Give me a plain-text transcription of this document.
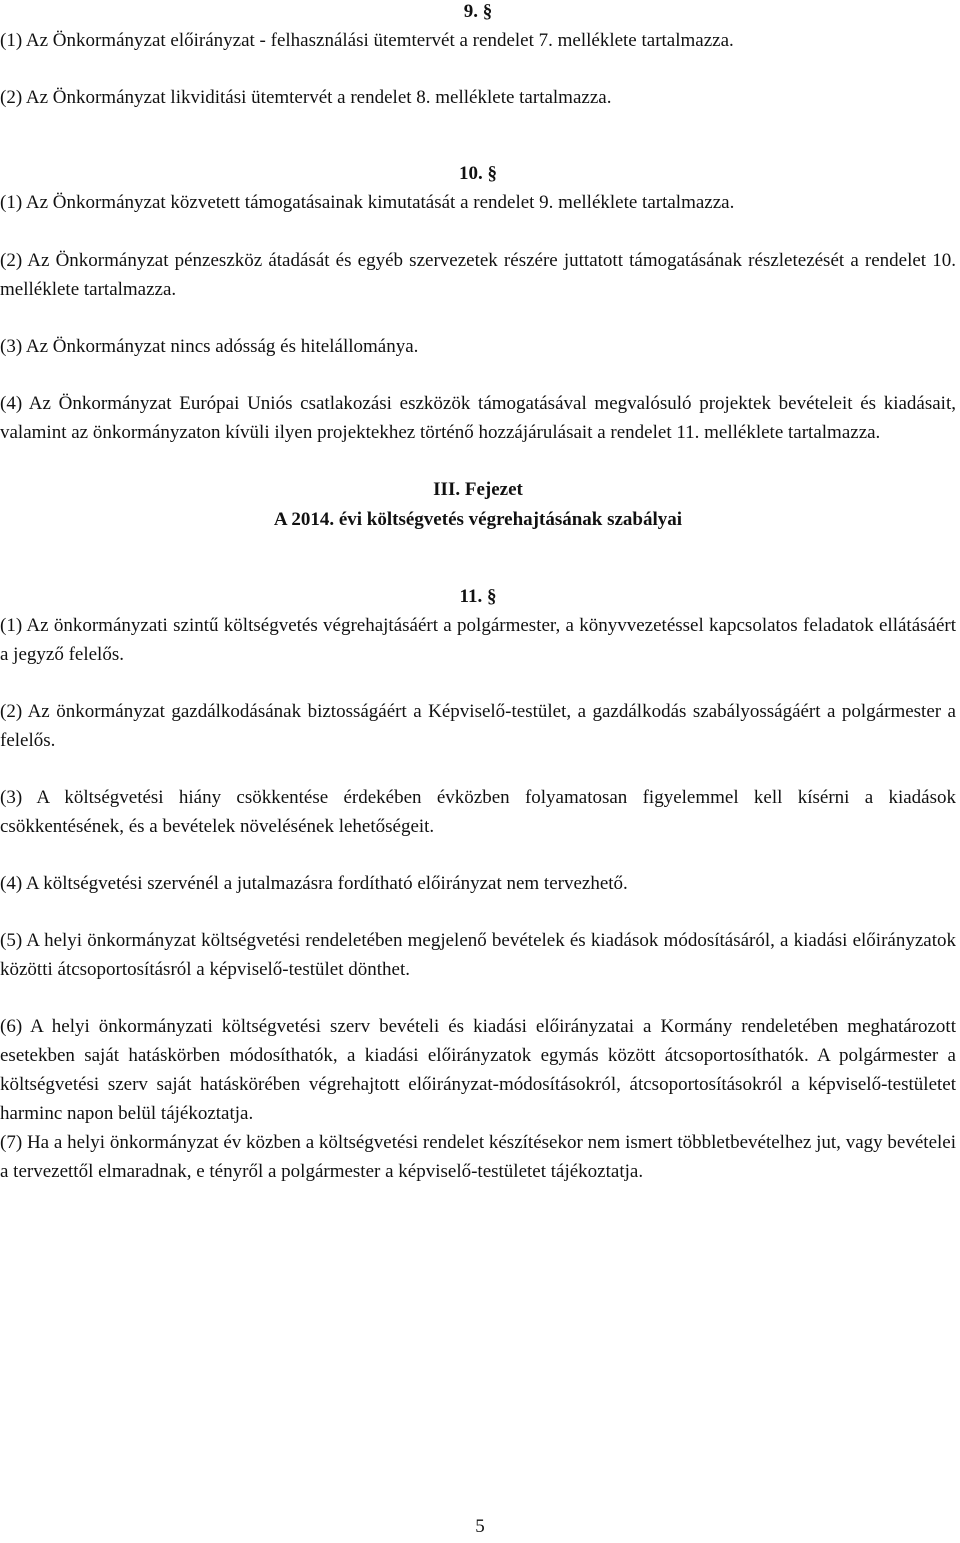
9. §

(1) Az Önkormányzat előirányzat - felhasználási ütemtervét a rendelet 7. melléklete tartalmazza.

(2) Az Önkormányzat likviditási ütemtervét a rendelet 8. melléklete tartalmazza.

10. §

(1) Az Önkormányzat közvetett támogatásainak kimutatását a rendelet 9. melléklete tartalmazza.

(2) Az Önkormányzat pénzeszköz átadását és egyéb szervezetek részére juttatott támogatásának részletezését a rendelet 10. melléklete tartalmazza.

(3) Az Önkormányzat nincs adósság és hitelállománya.

(4) Az Önkormányzat Európai Uniós csatlakozási eszközök támogatásával megvalósuló projektek bevételeit és kiadásait, valamint az önkormányzaton kívüli ilyen projektekhez történő hozzájárulásait a rendelet 11. melléklete tartalmazza.

III. Fejezet

A 2014. évi költségvetés végrehajtásának szabályai

11. §

(1) Az önkormányzati szintű költségvetés végrehajtásáért a polgármester, a könyvvezetéssel kapcsolatos feladatok ellátásáért a jegyző felelős.

(2) Az önkormányzat gazdálkodásának biztosságáért a Képviselő-testület, a gazdálkodás szabályosságáért a polgármester a felelős.

(3) A költségvetési hiány csökkentése érdekében évközben folyamatosan figyelemmel kell kísérni a kiadások csökkentésének, és a bevételek növelésének lehetőségeit.

(4) A költségvetési szervénél a jutalmazásra fordítható előirányzat nem tervezhető.

(5) A helyi önkormányzat költségvetési rendeletében megjelenő bevételek és kiadások módosításáról, a kiadási előirányzatok közötti átcsoportosításról a képviselő-testület dönthet.

(6) A helyi önkormányzati költségvetési szerv bevételi és kiadási előirányzatai a Kormány rendeletében meghatározott esetekben saját hatáskörben módosíthatók, a kiadási előirányzatok egymás között átcsoportosíthatók. A polgármester a költségvetési szerv saját hatáskörében végrehajtott előirányzat-módosításokról, átcsoportosításokról a képviselő-testületet harminc napon belül tájékoztatja.

(7) Ha a helyi önkormányzat év közben a költségvetési rendelet készítésekor nem ismert többletbevételhez jut, vagy bevételei a tervezettől elmaradnak, e tényről a polgármester a képviselő-testületet tájékoztatja.

5
